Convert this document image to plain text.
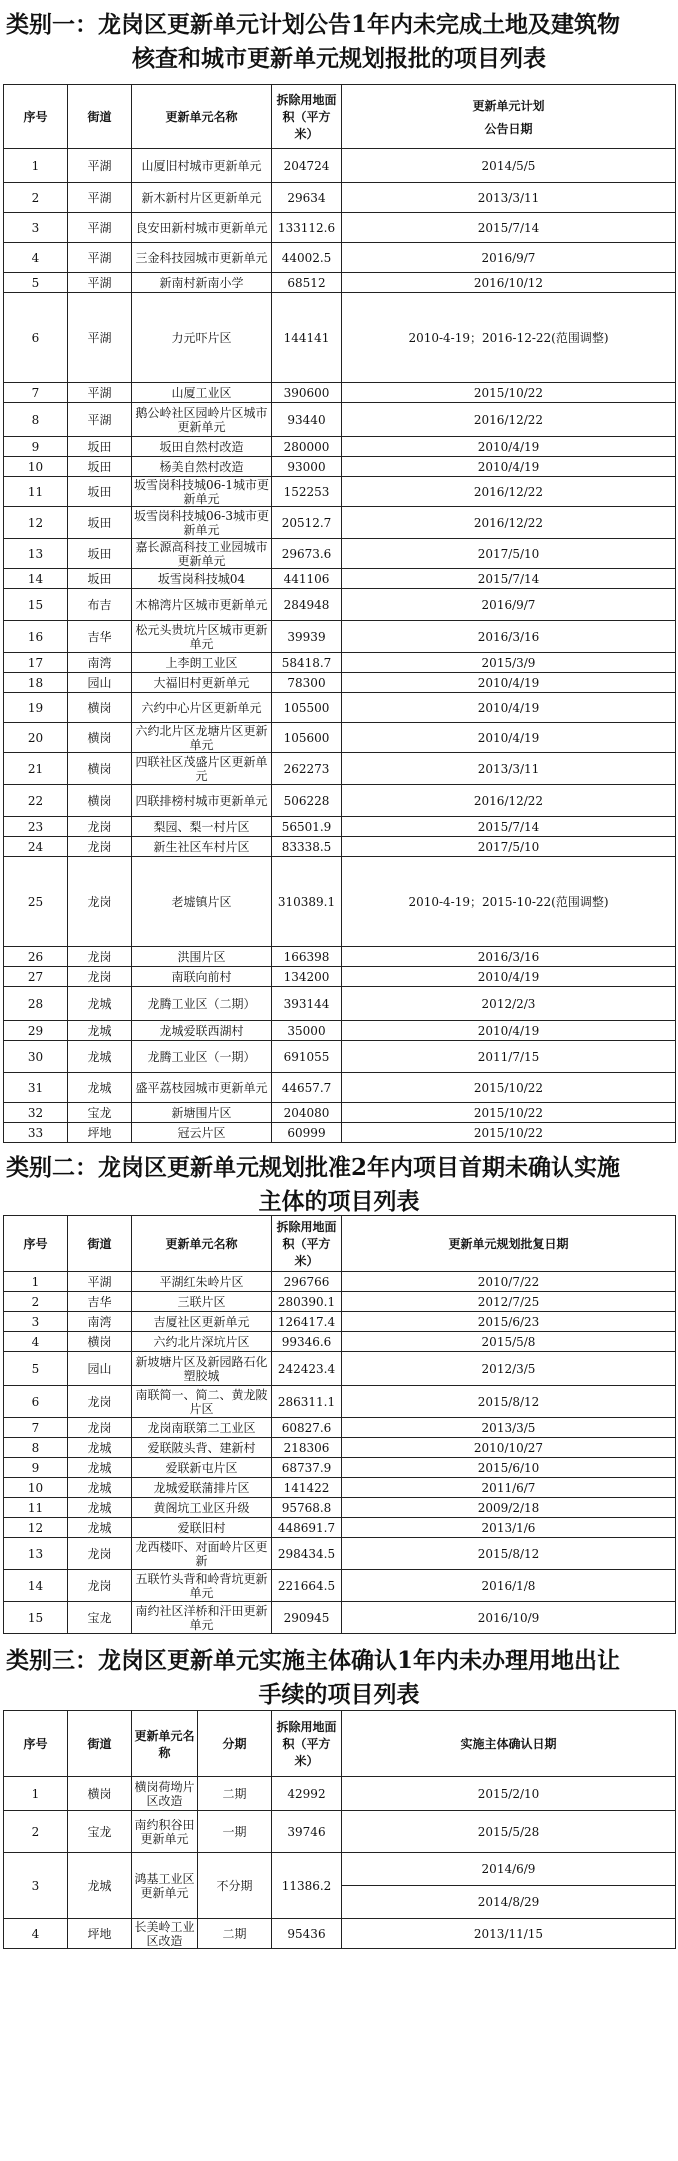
类别一：龙岗区更新单元计划公告1年内未完成土地及建筑物
核查和城市更新单元规划报批的项目列表
序号	街道	更新单元名称	拆除用地面积（平方米）	更新单元计划
公告日期

1	平湖	山厦旧村城市更新单元	204724	2014/5/5
2	平湖	新木新村片区更新单元	29634	2013/3/11
3	平湖	良安田新村城市更新单元	133112.6	2015/7/14
4	平湖	三金科技园城市更新单元	44002.5	2016/9/7
5	平湖	新南村新南小学	68512	2016/10/12
6	平湖	力元吓片区	144141	2010-4-19；2016-12-22(范围调整)
7	平湖	山厦工业区	390600	2015/10/22
8	平湖	鹅公岭社区园岭片区城市更新单元	93440	2016/12/22
9	坂田	坂田自然村改造	280000	2010/4/19
10	坂田	杨美自然村改造	93000	2010/4/19
11	坂田	坂雪岗科技城06-1城市更新单元	152253	2016/12/22
12	坂田	坂雪岗科技城06-3城市更新单元	20512.7	2016/12/22
13	坂田	嘉长源高科技工业园城市更新单元	29673.6	2017/5/10
14	坂田	坂雪岗科技城04	441106	2015/7/14
15	布吉	木棉湾片区城市更新单元	284948	2016/9/7
16	吉华	松元头贵坑片区城市更新单元	39939	2016/3/16
17	南湾	上李朗工业区	58418.7	2015/3/9
18	园山	大福旧村更新单元	78300	2010/4/19
19	横岗	六约中心片区更新单元	105500	2010/4/19
20	横岗	六约北片区龙塘片区更新单元	105600	2010/4/19
21	横岗	四联社区茂盛片区更新单元	262273	2013/3/11
22	横岗	四联排榜村城市更新单元	506228	2016/12/22
23	龙岗	梨园、梨一村片区	56501.9	2015/7/14
24	龙岗	新生社区车村片区	83338.5	2017/5/10
25	龙岗	老墟镇片区	310389.1	2010-4-19；2015-10-22(范围调整)
26	龙岗	洪围片区	166398	2016/3/16
27	龙岗	南联向前村	134200	2010/4/19
28	龙城	龙腾工业区（二期）	393144	2012/2/3
29	龙城	龙城爱联西湖村	35000	2010/4/19
30	龙城	龙腾工业区（一期）	691055	2011/7/15
31	龙城	盛平荔枝园城市更新单元	44657.7	2015/10/22
32	宝龙	新塘围片区	204080	2015/10/22
33	坪地	冠云片区	60999	2015/10/22
类别二：龙岗区更新单元规划批准2年内项目首期未确认实施
主体的项目列表
序号	街道	更新单元名称	拆除用地面积（平方米）	更新单元规划批复日期
1	平湖	平湖红朱岭片区	296766	2010/7/22
2	吉华	三联片区	280390.1	2012/7/25
3	南湾	吉厦社区更新单元	126417.4	2015/6/23
4	横岗	六约北片深坑片区	99346.6	2015/5/8
5	园山	新坡塘片区及新园路石化塑胶城	242423.4	2012/3/5
6	龙岗	南联简一、简二、黄龙陂片区	286311.1	2015/8/12
7	龙岗	龙岗南联第二工业区	60827.6	2013/3/5
8	龙城	爱联陂头背、建新村	218306	2010/10/27
9	龙城	爱联新屯片区	68737.9	2015/6/10
10	龙城	龙城爱联蒲排片区	141422	2011/6/7
11	龙城	黄阁坑工业区升级	95768.8	2009/2/18
12	龙城	爱联旧村	448691.7	2013/1/6
13	龙岗	龙西楼吓、对面岭片区更新	298434.5	2015/8/12
14	龙岗	五联竹头背和岭背坑更新单元	221664.5	2016/1/8
15	宝龙	南约社区洋桥和汗田更新单元	290945	2016/10/9
类别三：龙岗区更新单元实施主体确认1年内未办理用地出让
手续的项目列表
序号	街道	更新单元名称	分期	拆除用地面积（平方米）	实施主体确认日期
1	横岗	横岗荷坳片区改造	二期	42992	2015/2/10
2	宝龙	南约积谷田更新单元	一期	39746	2015/5/28
3	龙城	鸿基工业区更新单元	不分期	11386.2	2014/6/9
2014/8/29

4	坪地	长美岭工业区改造	二期	95436	2013/11/15
